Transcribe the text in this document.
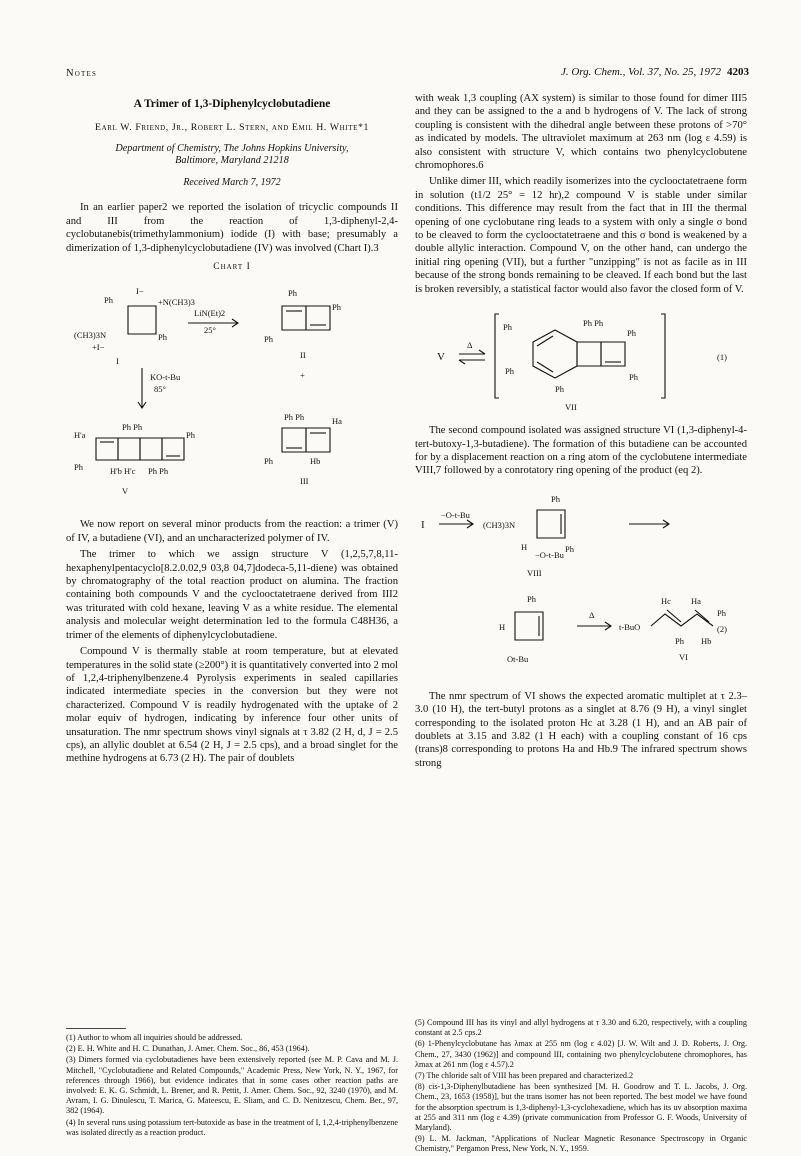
Notes	J. Org. Chem., Vol. 37, No. 25, 1972 4203
A Trimer of 1,3-Diphenylcyclobutadiene
Earl W. Friend, Jr., Robert L. Stern, and Emil H. White*1
Department of Chemistry, The Johns Hopkins University,
Baltimore, Maryland 21218
Received March 7, 1972

In an earlier paper2 we reported the isolation of tricyclic compounds II and III from the reaction of 1,3-diphenyl-2,4-cyclobutanebis(trimethylammonium) iodide (I) with base; presumably a dimerization of 1,3-diphenylcyclobutadiene (IV) was involved (Chart I).3

Chart I
Ph
I−
+N(CH3)3
Ph
(CH3)3N
+I−
I
LiN(Et)2
25°
Ph
Ph
Ph
II
+
KO-t-Bu
85°
H'a
Ph Ph
Ph
Ph	H'b H'c Ph Ph
V
Ph Ph	Ha
Ph	Hb
III

We now report on several minor products from the reaction: a trimer (V) of IV, a butadiene (VI), and an uncharacterized polymer of IV.

The trimer to which we assign structure V (1,2,5,7,8,11-hexaphenylpentacyclo[8.2.0.02,9 03,8 04,7]dodeca-5,11-diene) was obtained by chromatography of the total reaction product on alumina. The fraction containing both compounds V and the cyclooctatetraene derived from III2 was triturated with cold hexane, leaving V as a white residue. The elemental analysis and molecular weight determination led to the formula C48H36, a trimer of the elements of diphenylcyclobutadiene.

Compound V is thermally stable at room temperature, but at elevated temperatures in the solid state (≥200°) it is quantitatively converted into 2 mol of 1,2,4-triphenylbenzene.4 Pyrolysis experiments in sealed capillaries indicated intermediate species in the conversion but they were not characterized. Compound V is readily hydrogenated with the uptake of 2 molar equiv of hydrogen, indicating by inference four other units of unsaturation. The nmr spectrum shows vinyl signals at τ 3.82 (2 H, d, J = 2.5 cps), an allylic doublet at 6.54 (2 H, J = 2.5 cps), and a broad singlet for the methine hydrogens at 6.73 (2 H). The pair of doublets

(1) Author to whom all inquiries should be addressed.
(2) E. H. White and H. C. Dunathan, J. Amer. Chem. Soc., 86, 453 (1964).
(3) Dimers formed via cyclobutadienes have been extensively reported (see M. P. Cava and M. J. Mitchell, "Cyclobutadiene and Related Compounds," Academic Press, New York, N. Y., 1967, for references through 1966), but evidence indicates that in some cases other reaction paths are involved: E. K. G. Schmidt, L. Brener, and R. Pettit, J. Amer. Chem. Soc., 92, 3240 (1970), and M. Avram, I. G. Dinulescu, T. Marica, G. Mateescu, E. Sliam, and C. D. Nenitzescu, Chem. Ber., 97, 382 (1964).
(4) In several runs using potassium tert-butoxide as base in the treatment of I, 1,2,4-triphenylbenzene was isolated directly as a reaction product.

with weak 1,3 coupling (AX system) is similar to those found for dimer III5 and they can be assigned to the a and b hydrogens of V. The lack of strong coupling is consistent with the dihedral angle between these protons of >70° as indicated by models. The ultraviolet maximum at 263 nm (log ε 4.59) is also consistent with structure V, which contains two phenylcyclobutene chromophores.6

Unlike dimer III, which readily isomerizes into the cyclooctatetraene form in solution (t1/2 25° = 12 hr),2 compound V is stable under similar conditions. This difference may result from the fact that in III the thermal opening of one cyclobutane ring leads to a system with only a single σ bond to be cleaved to form the cyclooctatetraene and this σ bond is weakened by a double allylic interaction. Compound V, on the other hand, can undergo the initial ring opening (VII), but a further "unzipping" is not as facile as in III because of the strong bonds remaining to be cleaved. If each bond but the last is broken reversibly, a statistical factor would also favor the closed form of V.

V
Δ
Ph	Ph Ph
Ph
Ph
Ph
Ph
VII
(1)

The second compound isolated was assigned structure VI (1,3-diphenyl-4-tert-butoxy-1,3-butadiene). The formation of this butadiene can be accounted for by a displacement reaction on a ring atom of the cyclobutene intermediate VIII,7 followed by a conrotatory ring opening of the product (eq 2).

I
−O-t-Bu
(CH3)3N
Ph
H
−O-t-Bu
Ph
VIII
Ph
H
Ot-Bu
Δ
t-BuO
Hc Ha
Ph
Ph Hb
VI
(2)

The nmr spectrum of VI shows the expected aromatic multiplet at τ 2.3–3.0 (10 H), the tert-butyl protons as a singlet at 8.76 (9 H), a vinyl singlet corresponding to the isolated proton Hc at 3.28 (1 H), and an AB pair of doublets at 3.15 and 3.82 (1 H each) with a coupling constant of 16 cps (trans)8 corresponding to protons Ha and Hb.9 The infrared spectrum shows strong

(5) Compound III has its vinyl and allyl hydrogens at τ 3.30 and 6.20, respectively, with a coupling constant at 2.5 cps.2
(6) 1-Phenylcyclobutane has λmax at 255 nm (log ε 4.02) [J. W. Wilt and J. D. Roberts, J. Org. Chem., 27, 3430 (1962)] and compound III, containing two phenylcyclobutene chromophores, has λmax at 261 nm (log ε 4.57).2
(7) The chloride salt of VIII has been prepared and characterized.2
(8) cis-1,3-Diphenylbutadiene has been synthesized [M. H. Goodrow and T. L. Jacobs, J. Org. Chem., 23, 1653 (1958)], but the trans isomer has not been reported. The best model we have found for the absorption spectrum is 1,3-diphenyl-1,3-cyclohexadiene, which has its uv absorption maxima at 255 and 311 nm (log ε 4.39) (private communication from Professor G. F. Woods, University of Maryland).
(9) L. M. Jackman, "Applications of Nuclear Magnetic Resonance Spectroscopy in Organic Chemistry," Pergamon Press, New York, N. Y., 1959.
